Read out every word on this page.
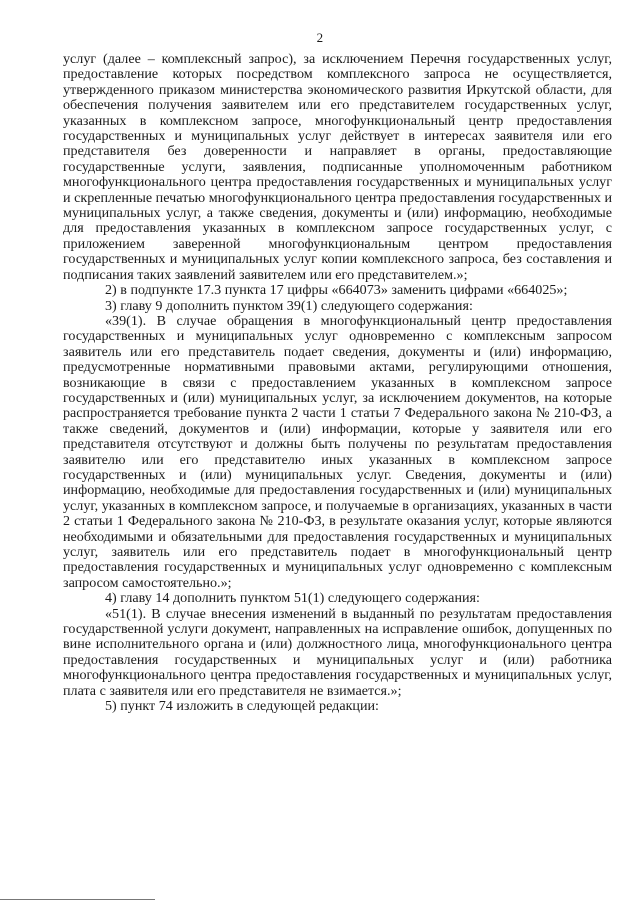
2

услуг (далее – комплексный запрос), за исключением Перечня государственных услуг, предоставление которых посредством комплексного запроса не осуществляется, утвержденного приказом министерства экономического развития Иркутской области, для обеспечения получения заявителем или его представителем государственных услуг, указанных в комплексном запросе, многофункциональный центр предоставления государственных и муниципальных услуг действует в интересах заявителя или его представителя без доверенности и направляет в органы, предоставляющие государственные услуги, заявления, подписанные уполномоченным работником многофункционального центра предоставления государственных и муниципальных услуг и скрепленные печатью многофункционального центра предоставления государственных и муниципальных услуг, а также сведения, документы и (или) информацию, необходимые для предоставления указанных в комплексном запросе государственных услуг, с приложением заверенной многофункциональным центром предоставления государственных и муниципальных услуг копии комплексного запроса, без составления и подписания таких заявлений заявителем или его представителем.»;

2) в подпункте 17.3 пункта 17 цифры «664073» заменить цифрами «664025»;

3) главу 9 дополнить пунктом 39(1) следующего содержания:

«39(1). В случае обращения в многофункциональный центр предоставления государственных и муниципальных услуг одновременно с комплексным запросом заявитель или его представитель подает сведения, документы и (или) информацию, предусмотренные нормативными правовыми актами, регулирующими отношения, возникающие в связи с предоставлением указанных в комплексном запросе государственных и (или) муниципальных услуг, за исключением документов, на которые распространяется требование пункта 2 части 1 статьи 7 Федерального закона № 210-ФЗ, а также сведений, документов и (или) информации, которые у заявителя или его представителя отсутствуют и должны быть получены по результатам предоставления заявителю или его представителю иных указанных в комплексном запросе государственных и (или) муниципальных услуг. Сведения, документы и (или) информацию, необходимые для предоставления государственных и (или) муниципальных услуг, указанных в комплексном запросе, и получаемые в организациях, указанных в части 2 статьи 1 Федерального закона № 210-ФЗ, в результате оказания услуг, которые являются необходимыми и обязательными для предоставления государственных и муниципальных услуг, заявитель или его представитель подает в многофункциональный центр предоставления государственных и муниципальных услуг одновременно с комплексным запросом самостоятельно.»;

4) главу 14 дополнить пунктом 51(1) следующего содержания:

«51(1). В случае внесения изменений в выданный по результатам предоставления государственной услуги документ, направленных на исправление ошибок, допущенных по вине исполнительного органа и (или) должностного лица, многофункционального центра предоставления государственных и муниципальных услуг и (или) работника многофункционального центра предоставления государственных и муниципальных услуг, плата с заявителя или его представителя не взимается.»;

5) пункт 74 изложить в следующей редакции:
